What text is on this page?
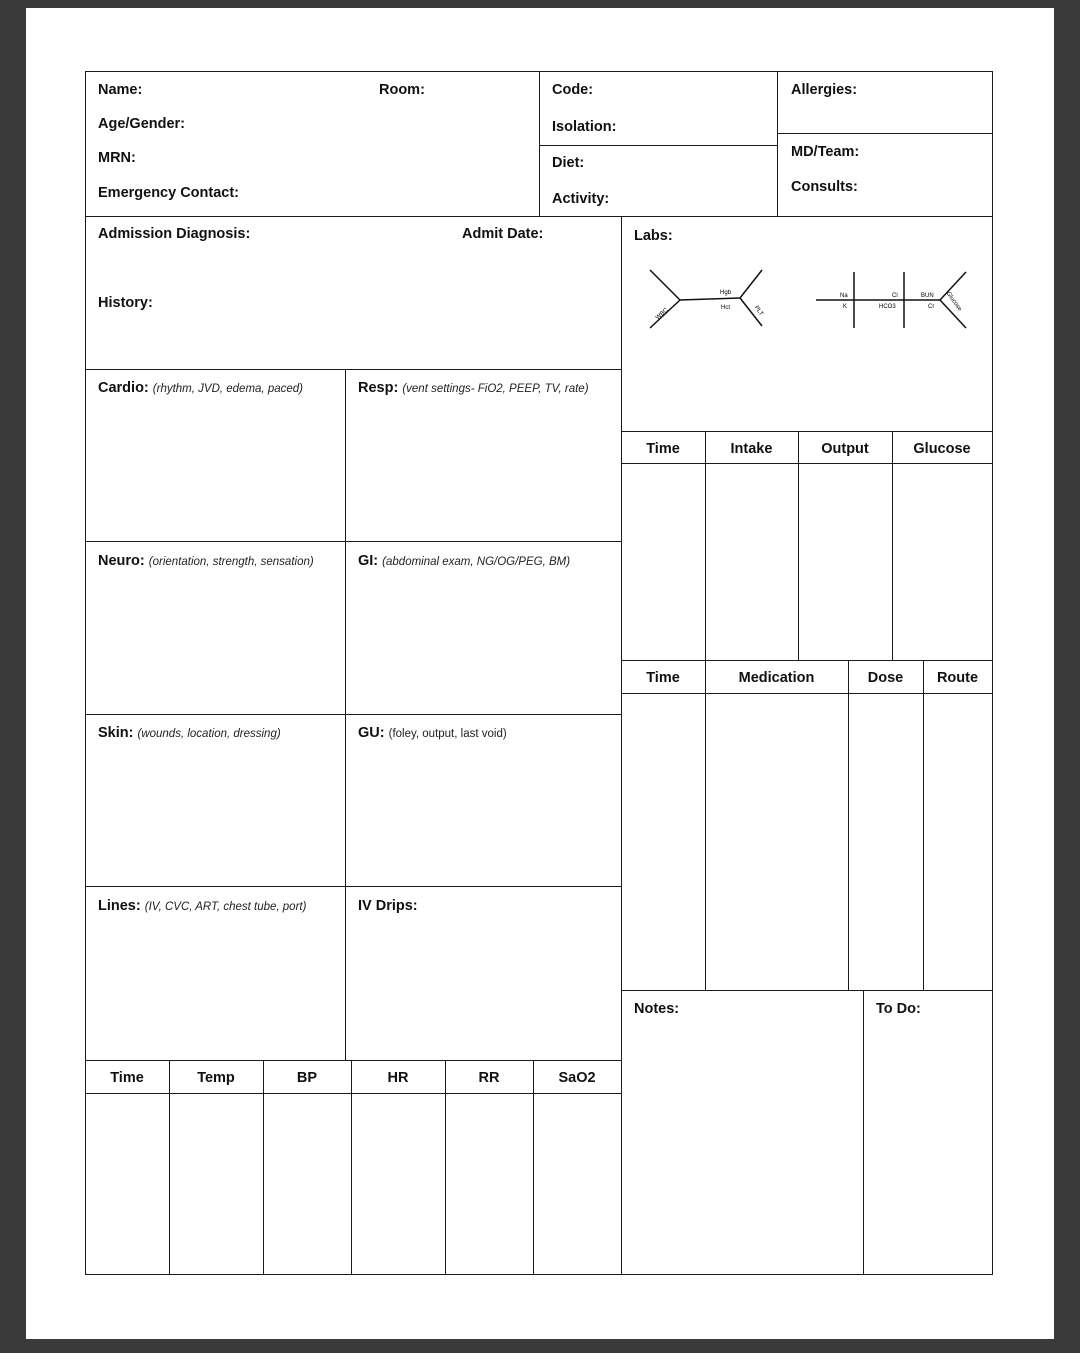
Name:	Room:
Age/Gender:
MRN:
Emergency Contact:
Code:
Isolation:
Diet:
Activity:
Allergies:
MD/Team:
Consults:
Admission Diagnosis:	Admit Date:
History:
Labs:
WBC
Hgb
Hct	PLT
Na
K
Cl
HCO3
BUN
Cr Glucose
Cardio: (rhythm, JVD, edema, paced)	Resp: (vent settings- FiO2, PEEP, TV, rate)
Neuro: (orientation, strength, sensation)	GI: (abdominal exam, NG/OG/PEG, BM)
Skin: (wounds, location, dressing)	GU: (foley, output, last void)
Lines: (IV, CVC, ART, chest tube, port)	IV Drips:
Time	Temp	BP	HR	RR	SaO2
Time	Intake	Output	Glucose
Time	Medication	Dose	Route
Notes:	To Do:
